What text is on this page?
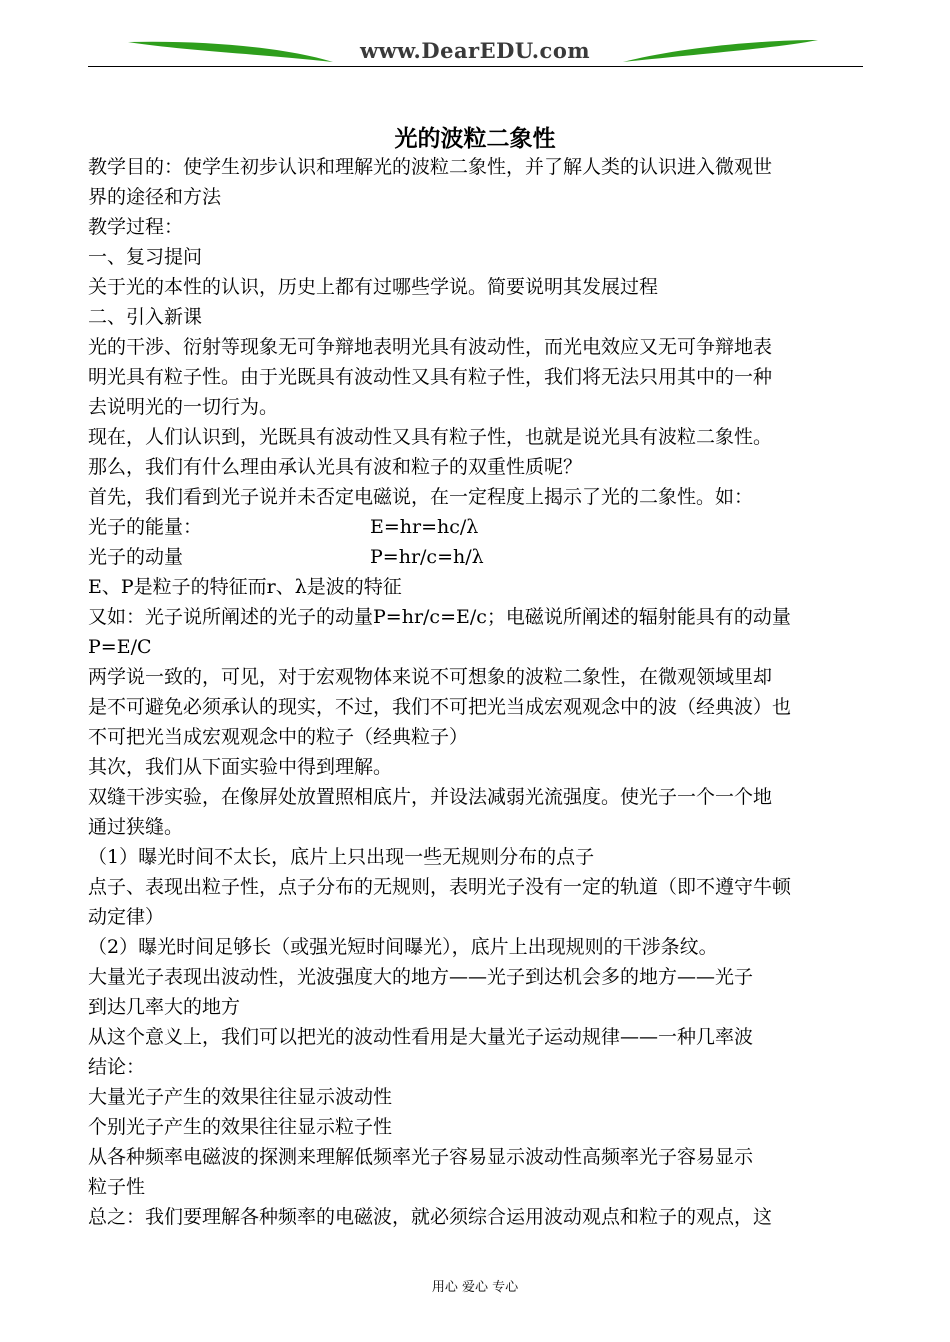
www.DearEDU.com
光的波粒二象性
教学目的：使学生初步认识和理解光的波粒二象性，并了解人类的认识进入微观世
界的途径和方法
教学过程：
一、复习提问
关于光的本性的认识，历史上都有过哪些学说。简要说明其发展过程
二、引入新课
光的干涉、衍射等现象无可争辩地表明光具有波动性，而光电效应又无可争辩地表
明光具有粒子性。由于光既具有波动性又具有粒子性，我们将无法只用其中的一种
去说明光的一切行为。
现在，人们认识到，光既具有波动性又具有粒子性，也就是说光具有波粒二象性。
那么，我们有什么理由承认光具有波和粒子的双重性质呢？
首先，我们看到光子说并未否定电磁说，在一定程度上揭示了光的二象性。如：
光子的能量：	E=hr=hc/λ
光子的动量	P=hr/c=h/λ
E、P是粒子的特征而r、λ是波的特征
又如：光子说所阐述的光子的动量P=hr/c=E/c；电磁说所阐述的辐射能具有的动量
P=E/C
两学说一致的，可见，对于宏观物体来说不可想象的波粒二象性，在微观领域里却
是不可避免必须承认的现实，不过，我们不可把光当成宏观观念中的波（经典波）也
不可把光当成宏观观念中的粒子（经典粒子）
其次，我们从下面实验中得到理解。
双缝干涉实验，在像屏处放置照相底片，并设法减弱光流强度。使光子一个一个地
通过狭缝。
（1）曝光时间不太长，底片上只出现一些无规则分布的点子
点子、表现出粒子性，点子分布的无规则，表明光子没有一定的轨道（即不遵守牛顿
动定律）
（2）曝光时间足够长（或强光短时间曝光），底片上出现规则的干涉条纹。
大量光子表现出波动性，光波强度大的地方——光子到达机会多的地方——光子
到达几率大的地方
从这个意义上，我们可以把光的波动性看用是大量光子运动规律——一种几率波
结论：
大量光子产生的效果往往显示波动性
个别光子产生的效果往往显示粒子性
从各种频率电磁波的探测来理解低频率光子容易显示波动性高频率光子容易显示
粒子性
总之：我们要理解各种频率的电磁波，就必须综合运用波动观点和粒子的观点，这
用心 爱心 专心
